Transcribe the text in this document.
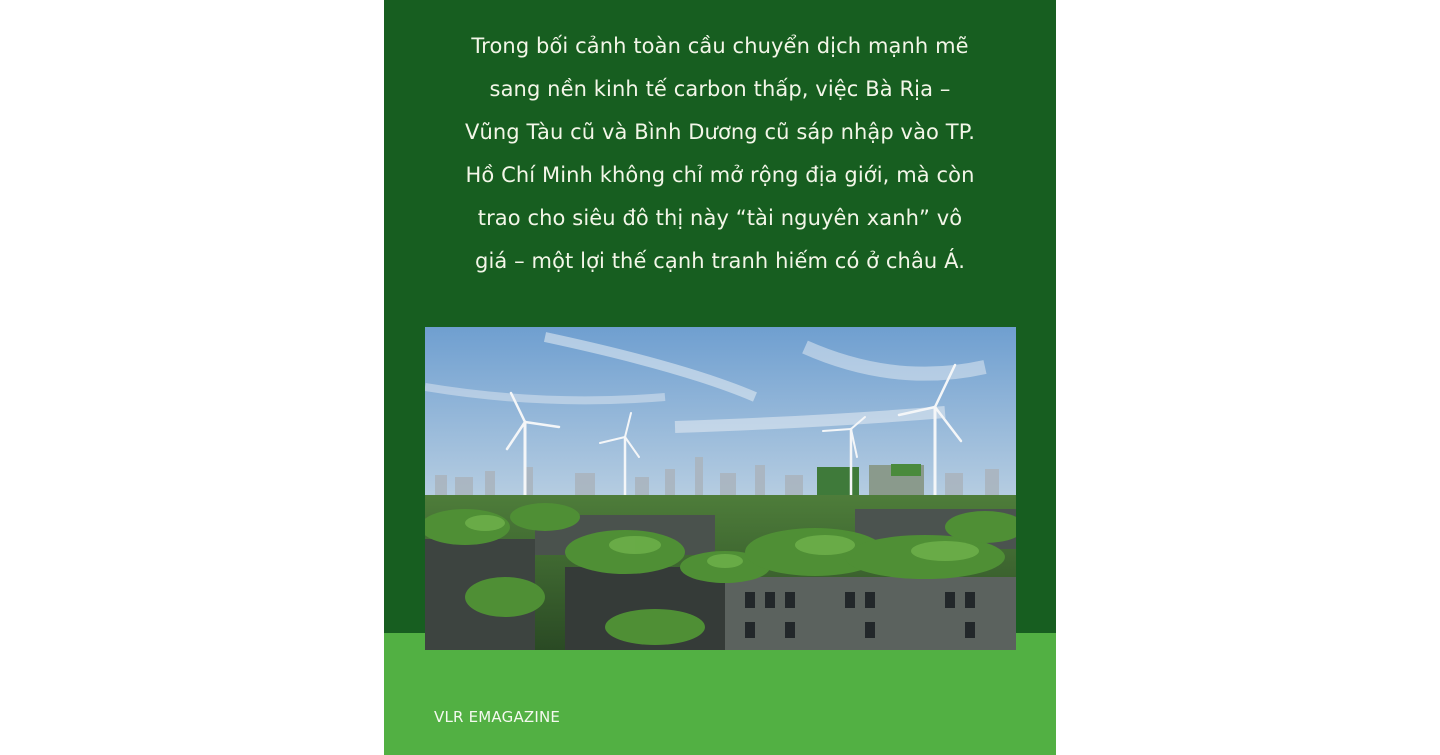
Trong bối cảnh toàn cầu chuyển dịch mạnh mẽ
sang nền kinh tế carbon thấp, việc Bà Rịa –
Vũng Tàu cũ và Bình Dương cũ sáp nhập vào TP.
Hồ Chí Minh không chỉ mở rộng địa giới, mà còn
trao cho siêu đô thị này “tài nguyên xanh” vô
giá – một lợi thế cạnh tranh hiếm có ở châu Á.

VLR EMAGAZINE
